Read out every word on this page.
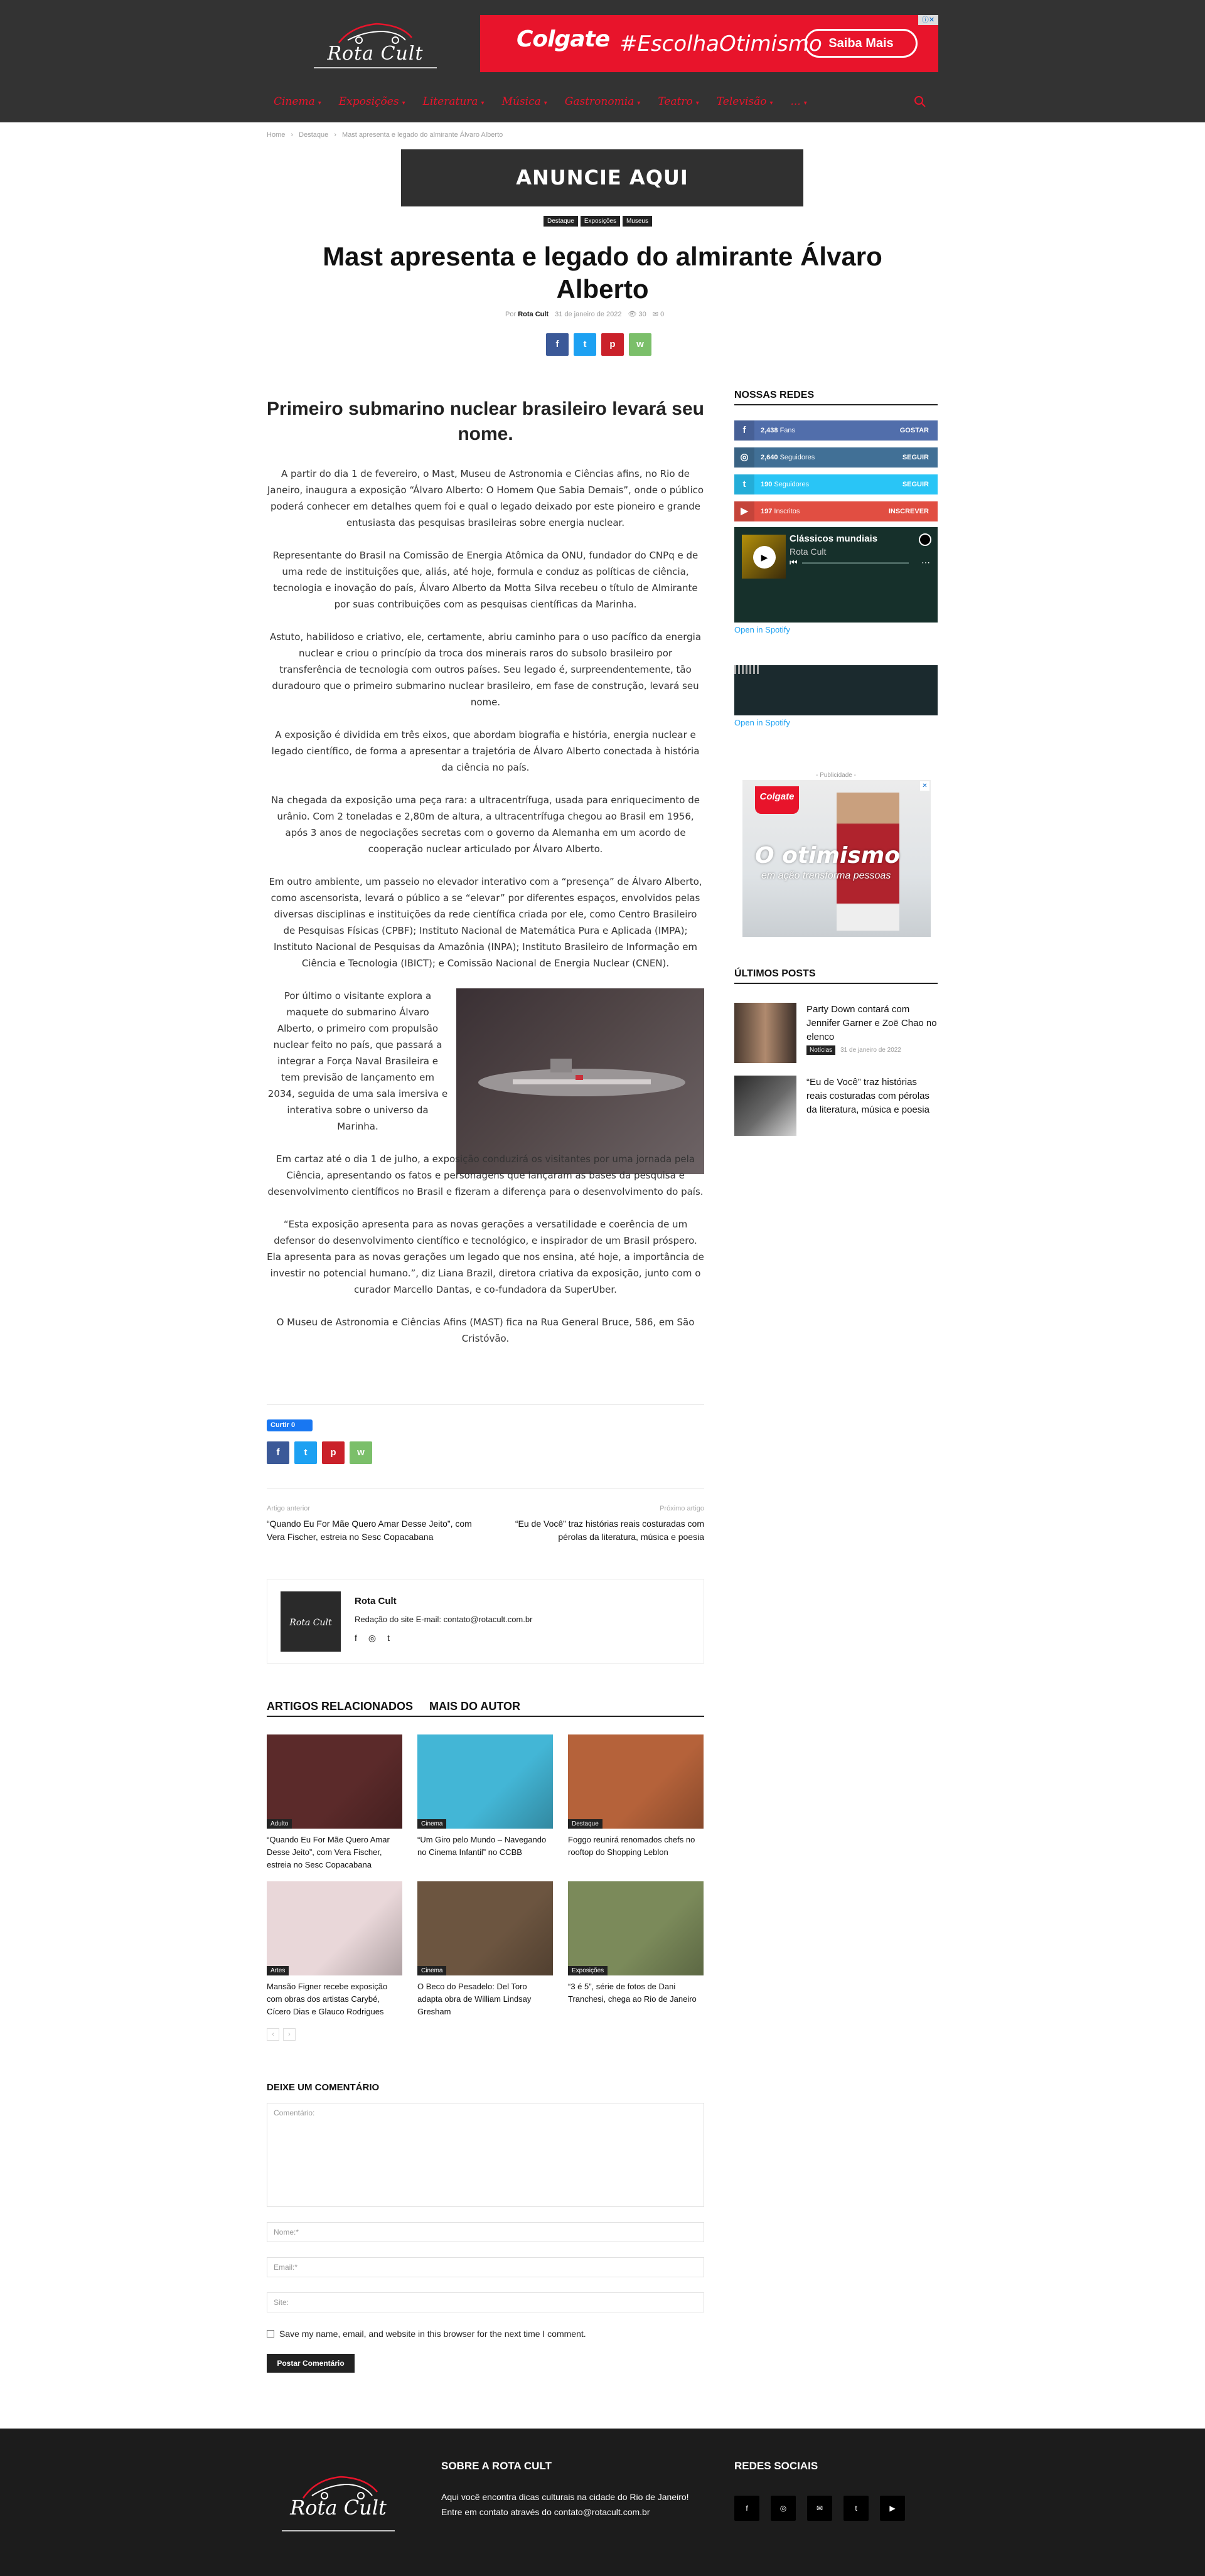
Rota Cult
Colgate #EscolhaOtimismo Saiba Mais
ⓘ✕
Cinema ▾ Exposições ▾ Literatura ▾ Música ▾ Gastronomia ▾ Teatro ▾ Televisão ▾ ... ▾
Home › Destaque › Mast apresenta e legado do almirante Álvaro Alberto
ANUNCIE AQUI
Destaque	Exposições	Museus
Mast apresenta e legado do almirante Álvaro Alberto
Por Rota Cult 31 de janeiro de 2022 👁 30 ✉ 0
f	t	p	w
Primeiro submarino nuclear brasileiro levará seu nome.

A partir do dia 1 de fevereiro, o Mast, Museu de Astronomia e Ciências afins, no Rio de Janeiro, inaugura a exposição “Álvaro Alberto: O Homem Que Sabia Demais”, onde o público poderá conhecer em detalhes quem foi e qual o legado deixado por este pioneiro e grande entusiasta das pesquisas brasileiras sobre energia nuclear.

Representante do Brasil na Comissão de Energia Atômica da ONU, fundador do CNPq e de uma rede de instituições que, aliás, até hoje, formula e conduz as políticas de ciência, tecnologia e inovação do país, Álvaro Alberto da Motta Silva recebeu o título de Almirante por suas contribuições com as pesquisas científicas da Marinha.

Astuto, habilidoso e criativo, ele, certamente, abriu caminho para o uso pacífico da energia nuclear e criou o princípio da troca dos minerais raros do subsolo brasileiro por transferência de tecnologia com outros países. Seu legado é, surpreendentemente, tão duradouro que o primeiro submarino nuclear brasileiro, em fase de construção, levará seu nome.

A exposição é dividida em três eixos, que abordam biografia e história, energia nuclear e legado científico, de forma a apresentar a trajetória de Álvaro Alberto conectada à história da ciência no país.

Na chegada da exposição uma peça rara: a ultracentrífuga, usada para enriquecimento de urânio. Com 2 toneladas e 2,80m de altura, a ultracentrífuga chegou ao Brasil em 1956, após 3 anos de negociações secretas com o governo da Alemanha em um acordo de cooperação nuclear articulado por Álvaro Alberto.

Em outro ambiente, um passeio no elevador interativo com a “presença” de Álvaro Alberto, como ascensorista, levará o público a se “elevar” por diferentes espaços, envolvidos pelas diversas disciplinas e instituições da rede científica criada por ele, como Centro Brasileiro de Pesquisas Físicas (CPBF); Instituto Nacional de Matemática Pura e Aplicada (IMPA); Instituto Nacional de Pesquisas da Amazônia (INPA); Instituto Brasileiro de Informação em Ciência e Tecnologia (IBICT); e Comissão Nacional de Energia Nuclear (CNEN).

Por último o visitante explora a maquete do submarino Álvaro Alberto, o primeiro com propulsão nuclear feito no país, que passará a integrar a Força Naval Brasileira e tem previsão de lançamento em 2034, seguida de uma sala imersiva e interativa sobre o universo da Marinha.

Em cartaz até o dia 1 de julho, a exposição conduzirá os visitantes por uma jornada pela Ciência, apresentando os fatos e personagens que lançaram as bases da pesquisa e desenvolvimento científicos no Brasil e fizeram a diferença para o desenvolvimento do país.

“Esta exposição apresenta para as novas gerações a versatilidade e coerência de um defensor do desenvolvimento científico e tecnológico, e inspirador de um Brasil próspero. Ela apresenta para as novas gerações um legado que nos ensina, até hoje, a importância de investir no potencial humano.”, diz Liana Brazil, diretora criativa da exposição, junto com o curador Marcello Dantas, e co-fundadora da SuperUber.

O Museu de Astronomia e Ciências Afins (MAST) fica na Rua General Bruce, 586, em São Cristóvão.

Curtir 0
f	t	p	w
Artigo anterior
“Quando Eu For Mãe Quero Amar Desse Jeito”, com Vera Fischer, estreia no Sesc Copacabana
Próximo artigo
“Eu de Você” traz histórias reais costuradas com pérolas da literatura, música e poesia
Rota Cult
Rota Cult
Redação do site E-mail: contato@rotacult.com.br
f ◎ t
ARTIGOS RELACIONADOS MAIS DO AUTOR
Adulto
“Quando Eu For Mãe Quero Amar Desse Jeito”, com Vera Fischer, estreia no Sesc Copacabana
Cinema
“Um Giro pelo Mundo – Navegando no Cinema Infantil” no CCBB
Destaque
Foggo reunirá renomados chefs no rooftop do Shopping Leblon
Artes
Mansão Figner recebe exposição com obras dos artistas Carybé, Cícero Dias e Glauco Rodrigues
Cinema
O Beco do Pesadelo: Del Toro adapta obra de William Lindsay Gresham
Exposições
“3 é 5”, série de fotos de Dani Tranchesi, chega ao Rio de Janeiro
‹	›
DEIXE UM COMENTÁRIO
Comentário:
Nome:*
Email:*
Site:
Save my name, email, and website in this browser for the next time I comment.
Postar Comentário
NOSSAS REDES
f	2,438 Fans	GOSTAR
◎	2,640 Seguidores	SEGUIR
t	190 Seguidores	SEGUIR
▶	197 Inscritos	INSCREVER
▶
Clássicos mundiais
Rota Cult
⏮	⋯
Open in Spotify
Open in Spotify
- Publicidade -
Colgate
O otimismo
em ação transforma pessoas
✕
ÚLTIMOS POSTS
Party Down contará com Jennifer Garner e Zoë Chao no elenco
Notícias	31 de janeiro de 2022
“Eu de Você” traz histórias reais costuradas com pérolas da literatura, música e poesia
Rota Cult
SOBRE A ROTA CULT
Aqui você encontra dicas culturais na cidade do Rio de Janeiro! Entre em contato através do contato@rotacult.com.br
REDES SOCIAIS
f	◎	✉	t	▶
